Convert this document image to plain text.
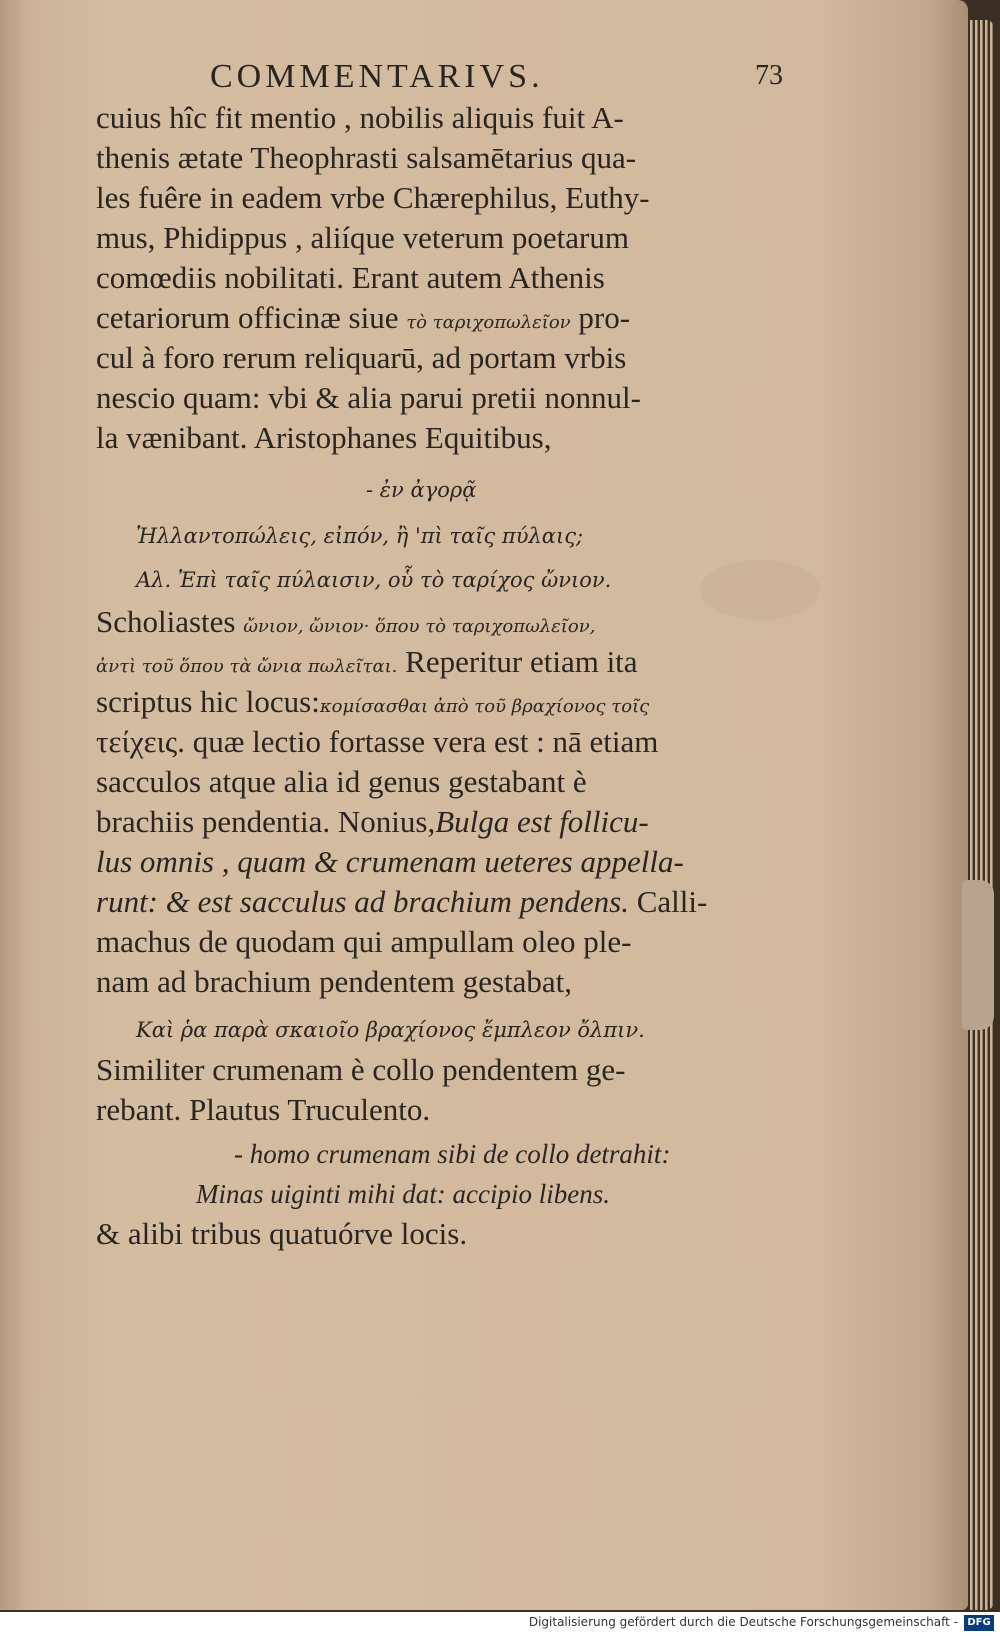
COMMENTARIVS.	73
cuius hîc fit mentio , nobilis aliquis fuit A-
thenis ætate Theophrasti salsamētarius qua-
les fuêre in eadem vrbe Chærephilus, Euthy-
mus, Phidippus , aliíque veterum poetarum
comœdiis nobilitati. Erant autem Athenis
cetariorum officinæ siue τὸ ταριχοπωλεῖον pro-
cul à foro rerum reliquarū, ad portam vrbis
nescio quam: vbi & alia parui pretii nonnul-
la vænibant. Aristophanes Equitibus,
- ἐν ἀγορᾷ
Ἠλλαντοπώλεις, εἰπόν, ἢ 'πὶ ταῖς πύλαις;
Αλ. Ἐπὶ ταῖς πύλαισιν, οὗ τὸ ταρίχος ὤνιον.
Scholiastes ὤνιον, ὤνιον· ὅπου τὸ ταριχοπωλεῖον,
ἀντὶ τοῦ ὅπου τὰ ὤνια πωλεῖται. Reperitur etiam ita
scriptus hic locus:κομίσασθαι ἀπὸ τοῦ βραχίονος τοῖς
τείχεις. quæ lectio fortasse vera est : nā etiam
sacculos atque alia id genus gestabant è
brachiis pendentia. Nonius,Bulga est follicu-
lus omnis , quam & crumenam ueteres appella-
runt: & est sacculus ad brachium pendens. Calli-
machus de quodam qui ampullam oleo ple-
nam ad brachium pendentem gestabat,
Καὶ ῥα παρὰ σκαιοῖο βραχίονος ἔμπλεον ὄλπιν.
Similiter crumenam è collo pendentem ge-
rebant. Plautus Truculento.
- homo crumenam sibi de collo detrahit:
Minas uiginti mihi dat: accipio libens.
& alibi tribus quatuórve locis.
Digitalisierung gefördert durch die Deutsche Forschungsgemeinschaft - DFG
